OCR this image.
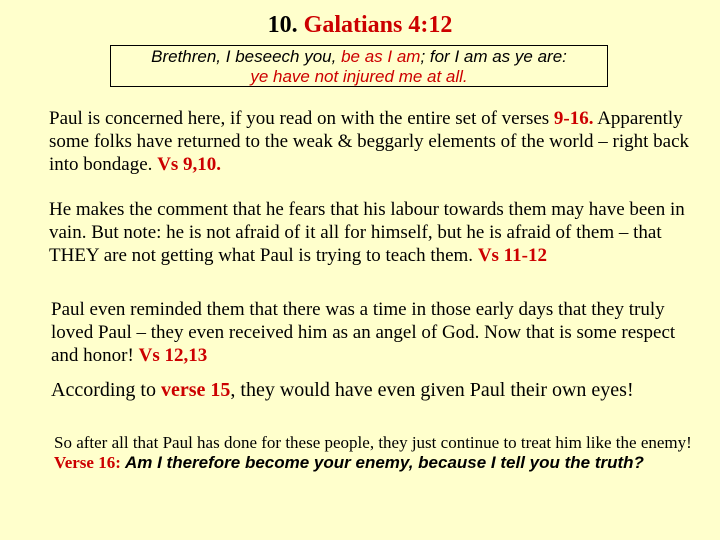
10. Galatians 4:12
Brethren, I beseech you, be as I am; for I am as ye are:
ye have not injured me at all.
Paul is concerned here, if you read on with the entire set of verses 9-16. Apparently some folks have returned to the weak & beggarly elements of the world – right back into bondage. Vs 9,10.
He makes the comment that he fears that his labour towards them may have been in vain. But note: he is not afraid of it all for himself, but he is afraid of them – that THEY are not getting what Paul is trying to teach them. Vs 11-12
Paul even reminded them that there was a time in those early days that they truly loved Paul – they even received him as an angel of God. Now that is some respect and honor! Vs 12,13
According to verse 15, they would have even given Paul their own eyes!
So after all that Paul has done for these people, they just continue to treat him like the enemy! Verse 16: Am I therefore become your enemy, because I tell you the truth?
